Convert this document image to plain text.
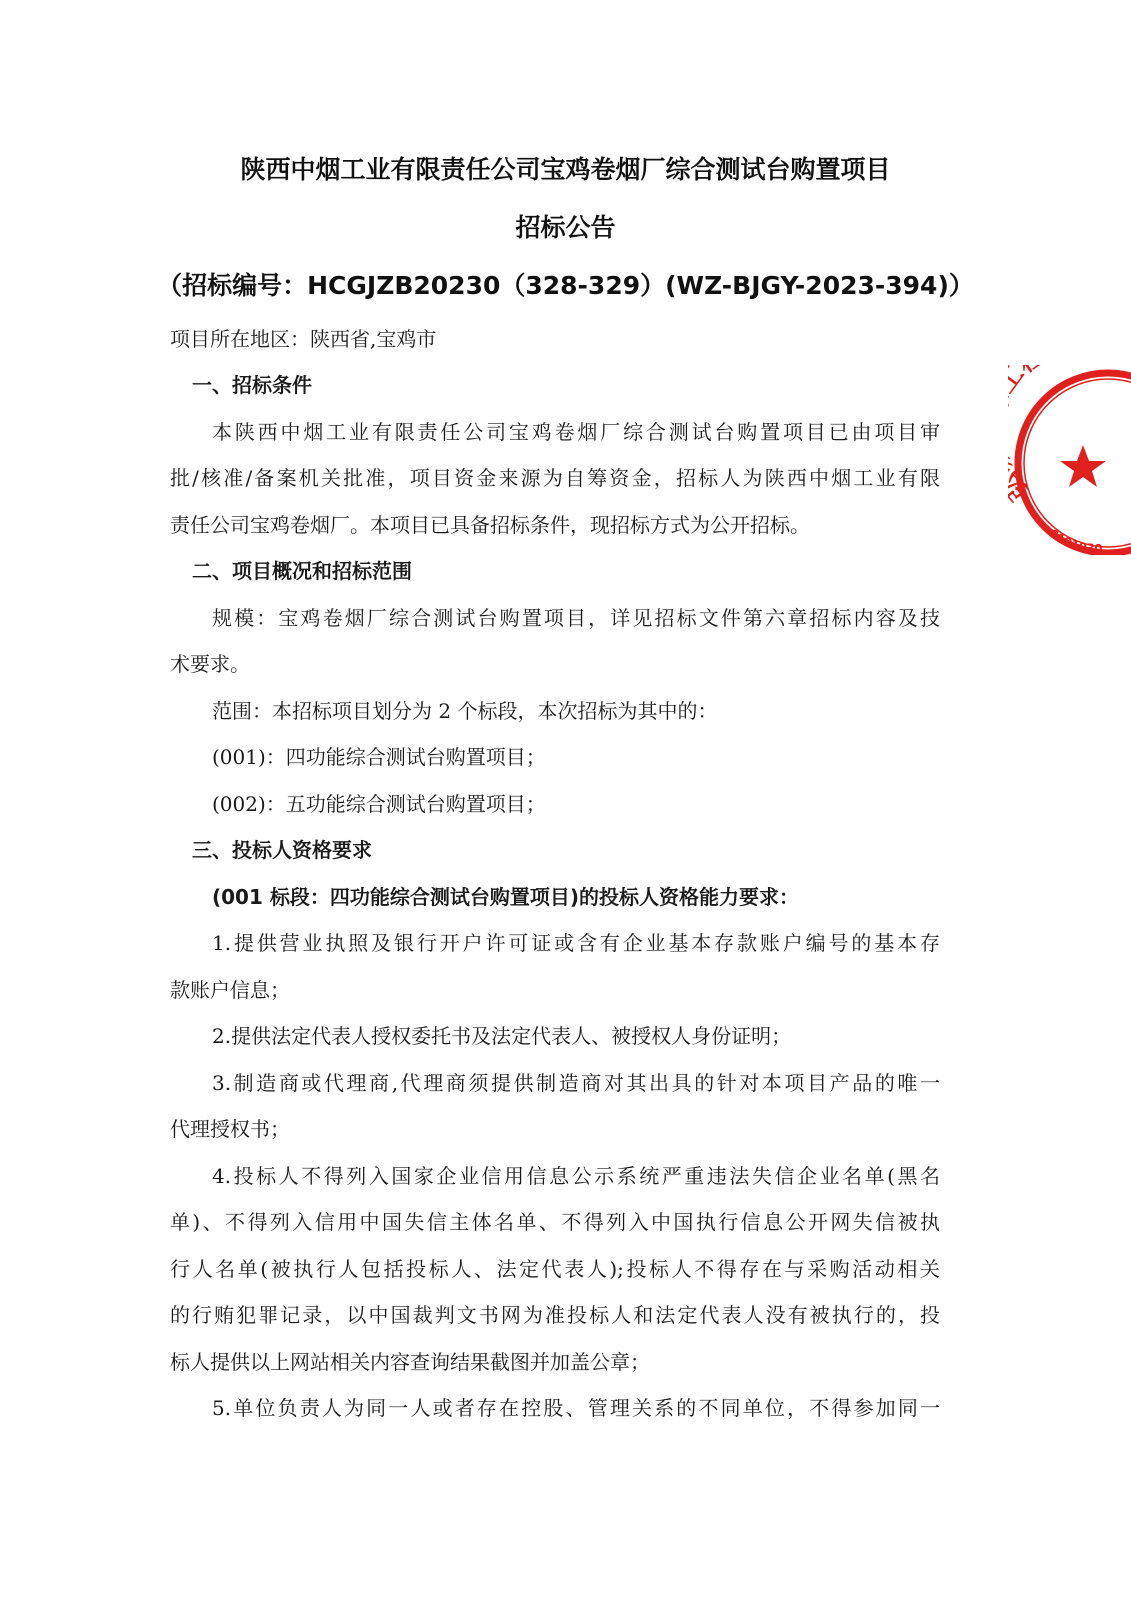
陕西中烟工业有限责任公司宝鸡卷烟厂综合测试台购置项目
招标公告
（招标编号：HCGJZB20230（328-329）(WZ-BJGY-2023-394)）
项目所在地区：陕西省,宝鸡市
一、招标条件
本陕西中烟工业有限责任公司宝鸡卷烟厂综合测试台购置项目已由项目审
批/核准/备案机关批准，项目资金来源为自筹资金，招标人为陕西中烟工业有限
责任公司宝鸡卷烟厂。本项目已具备招标条件，现招标方式为公开招标。
二、项目概况和招标范围
规模：宝鸡卷烟厂综合测试台购置项目，详见招标文件第六章招标内容及技
术要求。
范围：本招标项目划分为 2 个标段，本次招标为其中的：
(001)：四功能综合测试台购置项目；
(002)：五功能综合测试台购置项目；
三、投标人资格要求
(001 标段：四功能综合测试台购置项目)的投标人资格能力要求：
1.提供营业执照及银行开户许可证或含有企业基本存款账户编号的基本存
款账户信息；
2.提供法定代表人授权委托书及法定代表人、被授权人身份证明；
3.制造商或代理商,代理商须提供制造商对其出具的针对本项目产品的唯一
代理授权书；
4.投标人不得列入国家企业信用信息公示系统严重违法失信企业名单(黑名
单)、不得列入信用中国失信主体名单、不得列入中国执行信息公开网失信被执
行人名单(被执行人包括投标人、法定代表人);投标人不得存在与采购活动相关
的行贿犯罪记录，以中国裁判文书网为准投标人和法定代表人没有被执行的，投
标人提供以上网站相关内容查询结果截图并加盖公章；
5.单位负责人为同一人或者存在控股、管理关系的不同单位，不得参加同一
6101030
